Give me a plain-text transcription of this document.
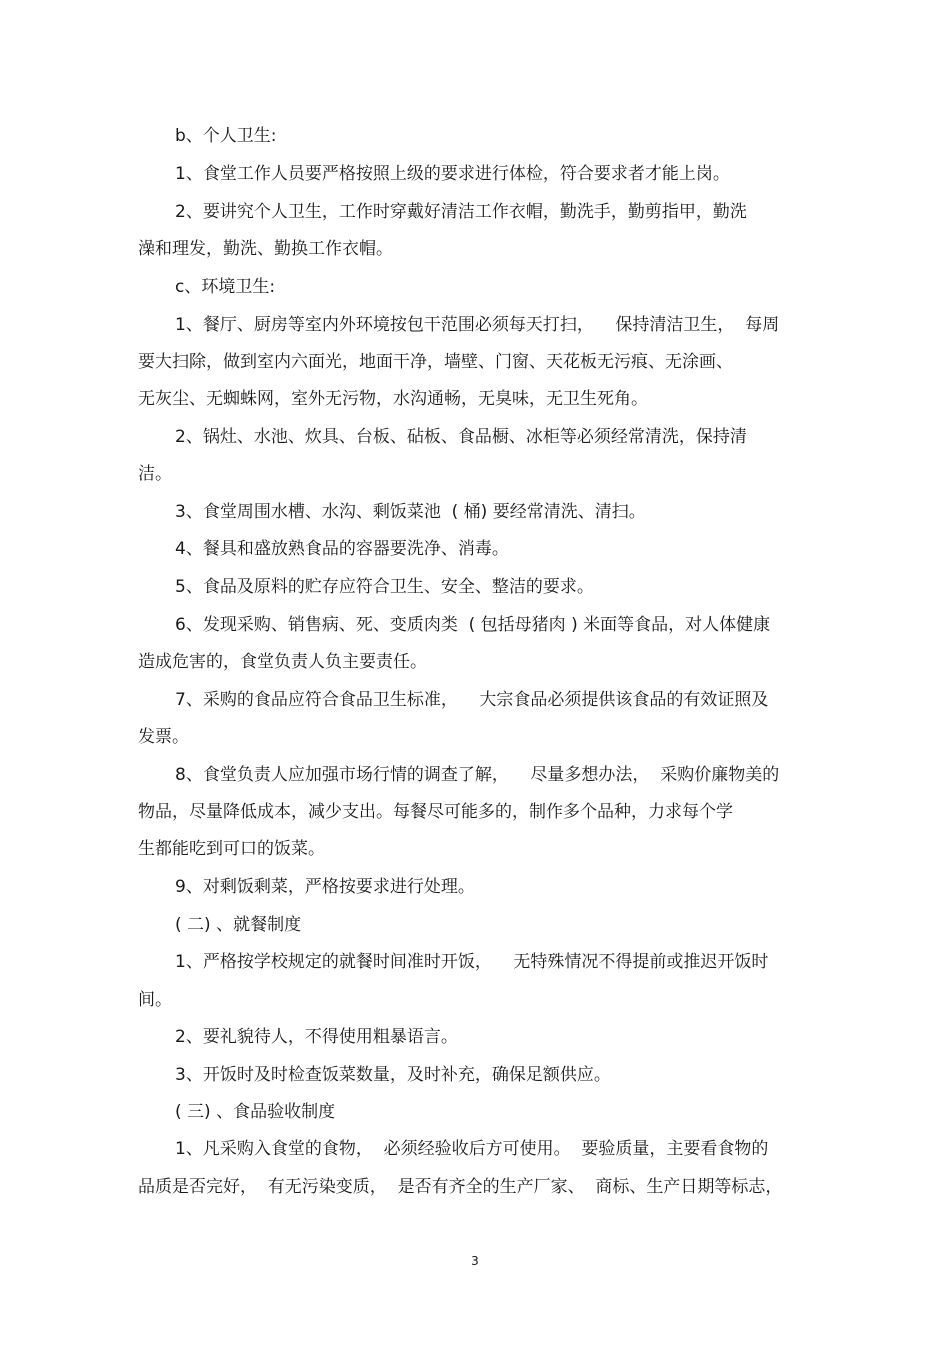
b、个人卫生:

1、食堂工作人员要严格按照上级的要求进行体检，符合要求者才能上岗。

2、要讲究个人卫生，工作时穿戴好清洁工作衣帽，勤洗手，勤剪指甲，勤洗

澡和理发，勤洗、勤换工作衣帽。

c、环境卫生:

1、餐厅、厨房等室内外环境按包干范围必须每天打扫，    保持清洁卫生，  每周

要大扫除，做到室内六面光，地面干净，墙壁、门窗、天花板无污痕、无涂画、

无灰尘、无蜘蛛网，室外无污物，水沟通畅，无臭味，无卫生死角。

2、锅灶、水池、炊具、台板、砧板、食品橱、冰柜等必须经常清洗，保持清

洁。

3、食堂周围水槽、水沟、剩饭菜池  ( 桶) 要经常清洗、清扫。

4、餐具和盛放熟食品的容器要洗净、消毒。

5、食品及原料的贮存应符合卫生、安全、整洁的要求。

6、发现采购、销售病、死、变质肉类  ( 包括母猪肉 ) 米面等食品，对人体健康

造成危害的，食堂负责人负主要责任。

7、采购的食品应符合食品卫生标准，    大宗食品必须提供该食品的有效证照及

发票。

8、食堂负责人应加强市场行情的调查了解，    尽量多想办法，  采购价廉物美的

物品，尽量降低成本，减少支出。每餐尽可能多的，制作多个品种，力求每个学

生都能吃到可口的饭菜。

9、对剩饭剩菜，严格按要求进行处理。

( 二) 、就餐制度

1、严格按学校规定的就餐时间准时开饭，    无特殊情况不得提前或推迟开饭时

间。

2、要礼貌待人，不得使用粗暴语言。

3、开饭时及时检查饭菜数量，及时补充，确保足额供应。

( 三) 、食品验收制度

1、凡采购入食堂的食物，  必须经验收后方可使用。  要验质量，主要看食物的

品质是否完好，  有无污染变质，  是否有齐全的生产厂家、  商标、生产日期等标志，

3
